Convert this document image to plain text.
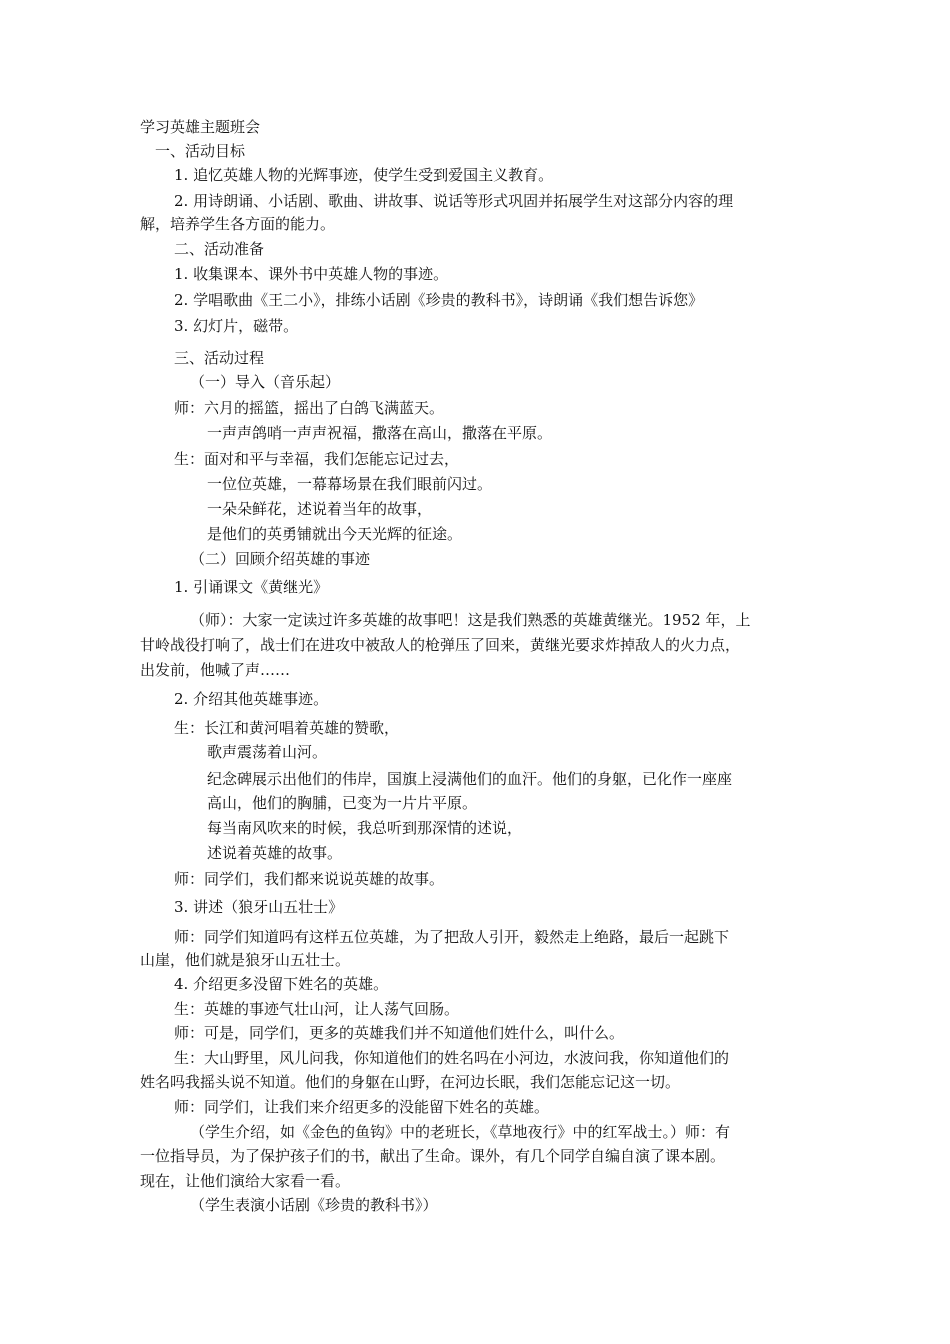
学习英雄主题班会
一、活动目标
1. 追忆英雄人物的光辉事迹，使学生受到爱国主义教育。
2. 用诗朗诵、小话剧、歌曲、讲故事、说话等形式巩固并拓展学生对这部分内容的理
解，培养学生各方面的能力。
二、活动准备
1. 收集课本、课外书中英雄人物的事迹。
2. 学唱歌曲《王二小》，排练小话剧《珍贵的教科书》，诗朗诵《我们想告诉您》
3. 幻灯片，磁带。
三、活动过程
（一）导入（音乐起）
师：六月的摇篮，摇出了白鸽飞满蓝天。
一声声鸽哨一声声祝福，撒落在高山，撒落在平原。
生：面对和平与幸福，我们怎能忘记过去，
一位位英雄，一幕幕场景在我们眼前闪过。
一朵朵鲜花，述说着当年的故事，
是他们的英勇铺就出今天光辉的征途。
（二）回顾介绍英雄的事迹
1. 引诵课文《黄继光》
（师）：大家一定读过许多英雄的故事吧！这是我们熟悉的英雄黄继光。1952 年，上
甘岭战役打响了，战士们在进攻中被敌人的枪弹压了回来，黄继光要求炸掉敌人的火力点，
出发前，他喊了声……
2. 介绍其他英雄事迹。
生：长江和黄河唱着英雄的赞歌，
歌声震荡着山河。
纪念碑展示出他们的伟岸，国旗上浸满他们的血汗。他们的身躯，已化作一座座
高山，他们的胸脯，已变为一片片平原。
每当南风吹来的时候，我总听到那深情的述说，
述说着英雄的故事。
师：同学们，我们都来说说英雄的故事。
3. 讲述（狼牙山五壮士》
师：同学们知道吗有这样五位英雄，为了把敌人引开，毅然走上绝路，最后一起跳下
山崖，他们就是狼牙山五壮士。
4. 介绍更多没留下姓名的英雄。
生：英雄的事迹气壮山河，让人荡气回肠。
师：可是，同学们，更多的英雄我们并不知道他们姓什么，叫什么。
生：大山野里，风儿问我，你知道他们的姓名吗在小河边，水波问我，你知道他们的
姓名吗我摇头说不知道。他们的身躯在山野，在河边长眠，我们怎能忘记这一切。
师：同学们，让我们来介绍更多的没能留下姓名的英雄。
（学生介绍，如《金色的鱼钩》中的老班长，《草地夜行》中的红军战士。）师：有
一位指导员，为了保护孩子们的书，献出了生命。课外，有几个同学自编自演了课本剧。
现在，让他们演给大家看一看。
（学生表演小话剧《珍贵的教科书》）
